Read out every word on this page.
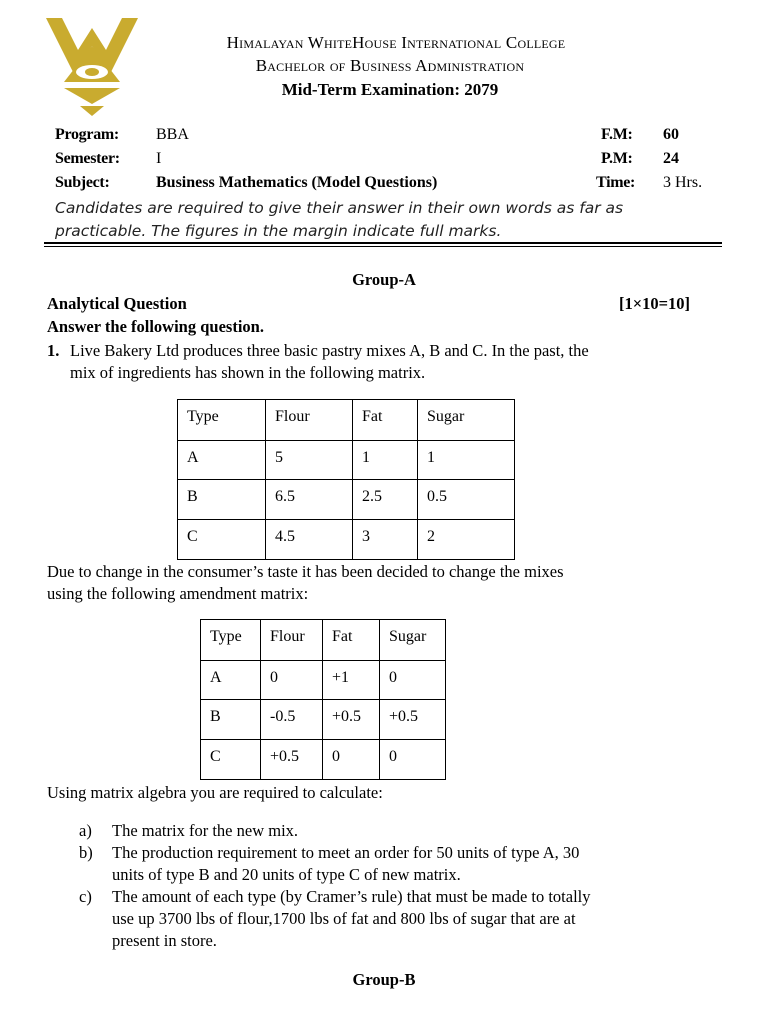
Himalayan WhiteHouse International College
Bachelor of Business Administration
Mid-Term Examination: 2079
Program: BBA
Semester: I
Subject:	Business Mathematics (Model Questions)
F.M: 60
P.M: 24
Time: 3 Hrs.
Candidates are required to give their answer in their own words as far as practicable. The figures in the margin indicate full marks.
Group-A
Analytical Question	[1×10=10]
Answer the following question.
1. Live Bakery Ltd produces three basic pastry mixes A, B and C. In the past, the
mix of ingredients has shown in the following matrix.
Type	Flour	Fat	Sugar
A	5	1	1
B	6.5	2.5	0.5
C	4.5	3	2
Due to change in the consumer’s taste it has been decided to change the mixes
using the following amendment matrix:
Type	Flour	Fat	Sugar
A	0	+1	0
B	-0.5	+0.5	+0.5
C	+0.5	0	0
Using matrix algebra you are required to calculate:
a) The matrix for the new mix.
b) The production requirement to meet an order for 50 units of type A, 30
units of type B and 20 units of type C of new matrix.
c) The amount of each type (by Cramer’s rule) that must be made to totally
use up 3700 lbs of flour,1700 lbs of fat and 800 lbs of sugar that are at
present in store.
Group-B
